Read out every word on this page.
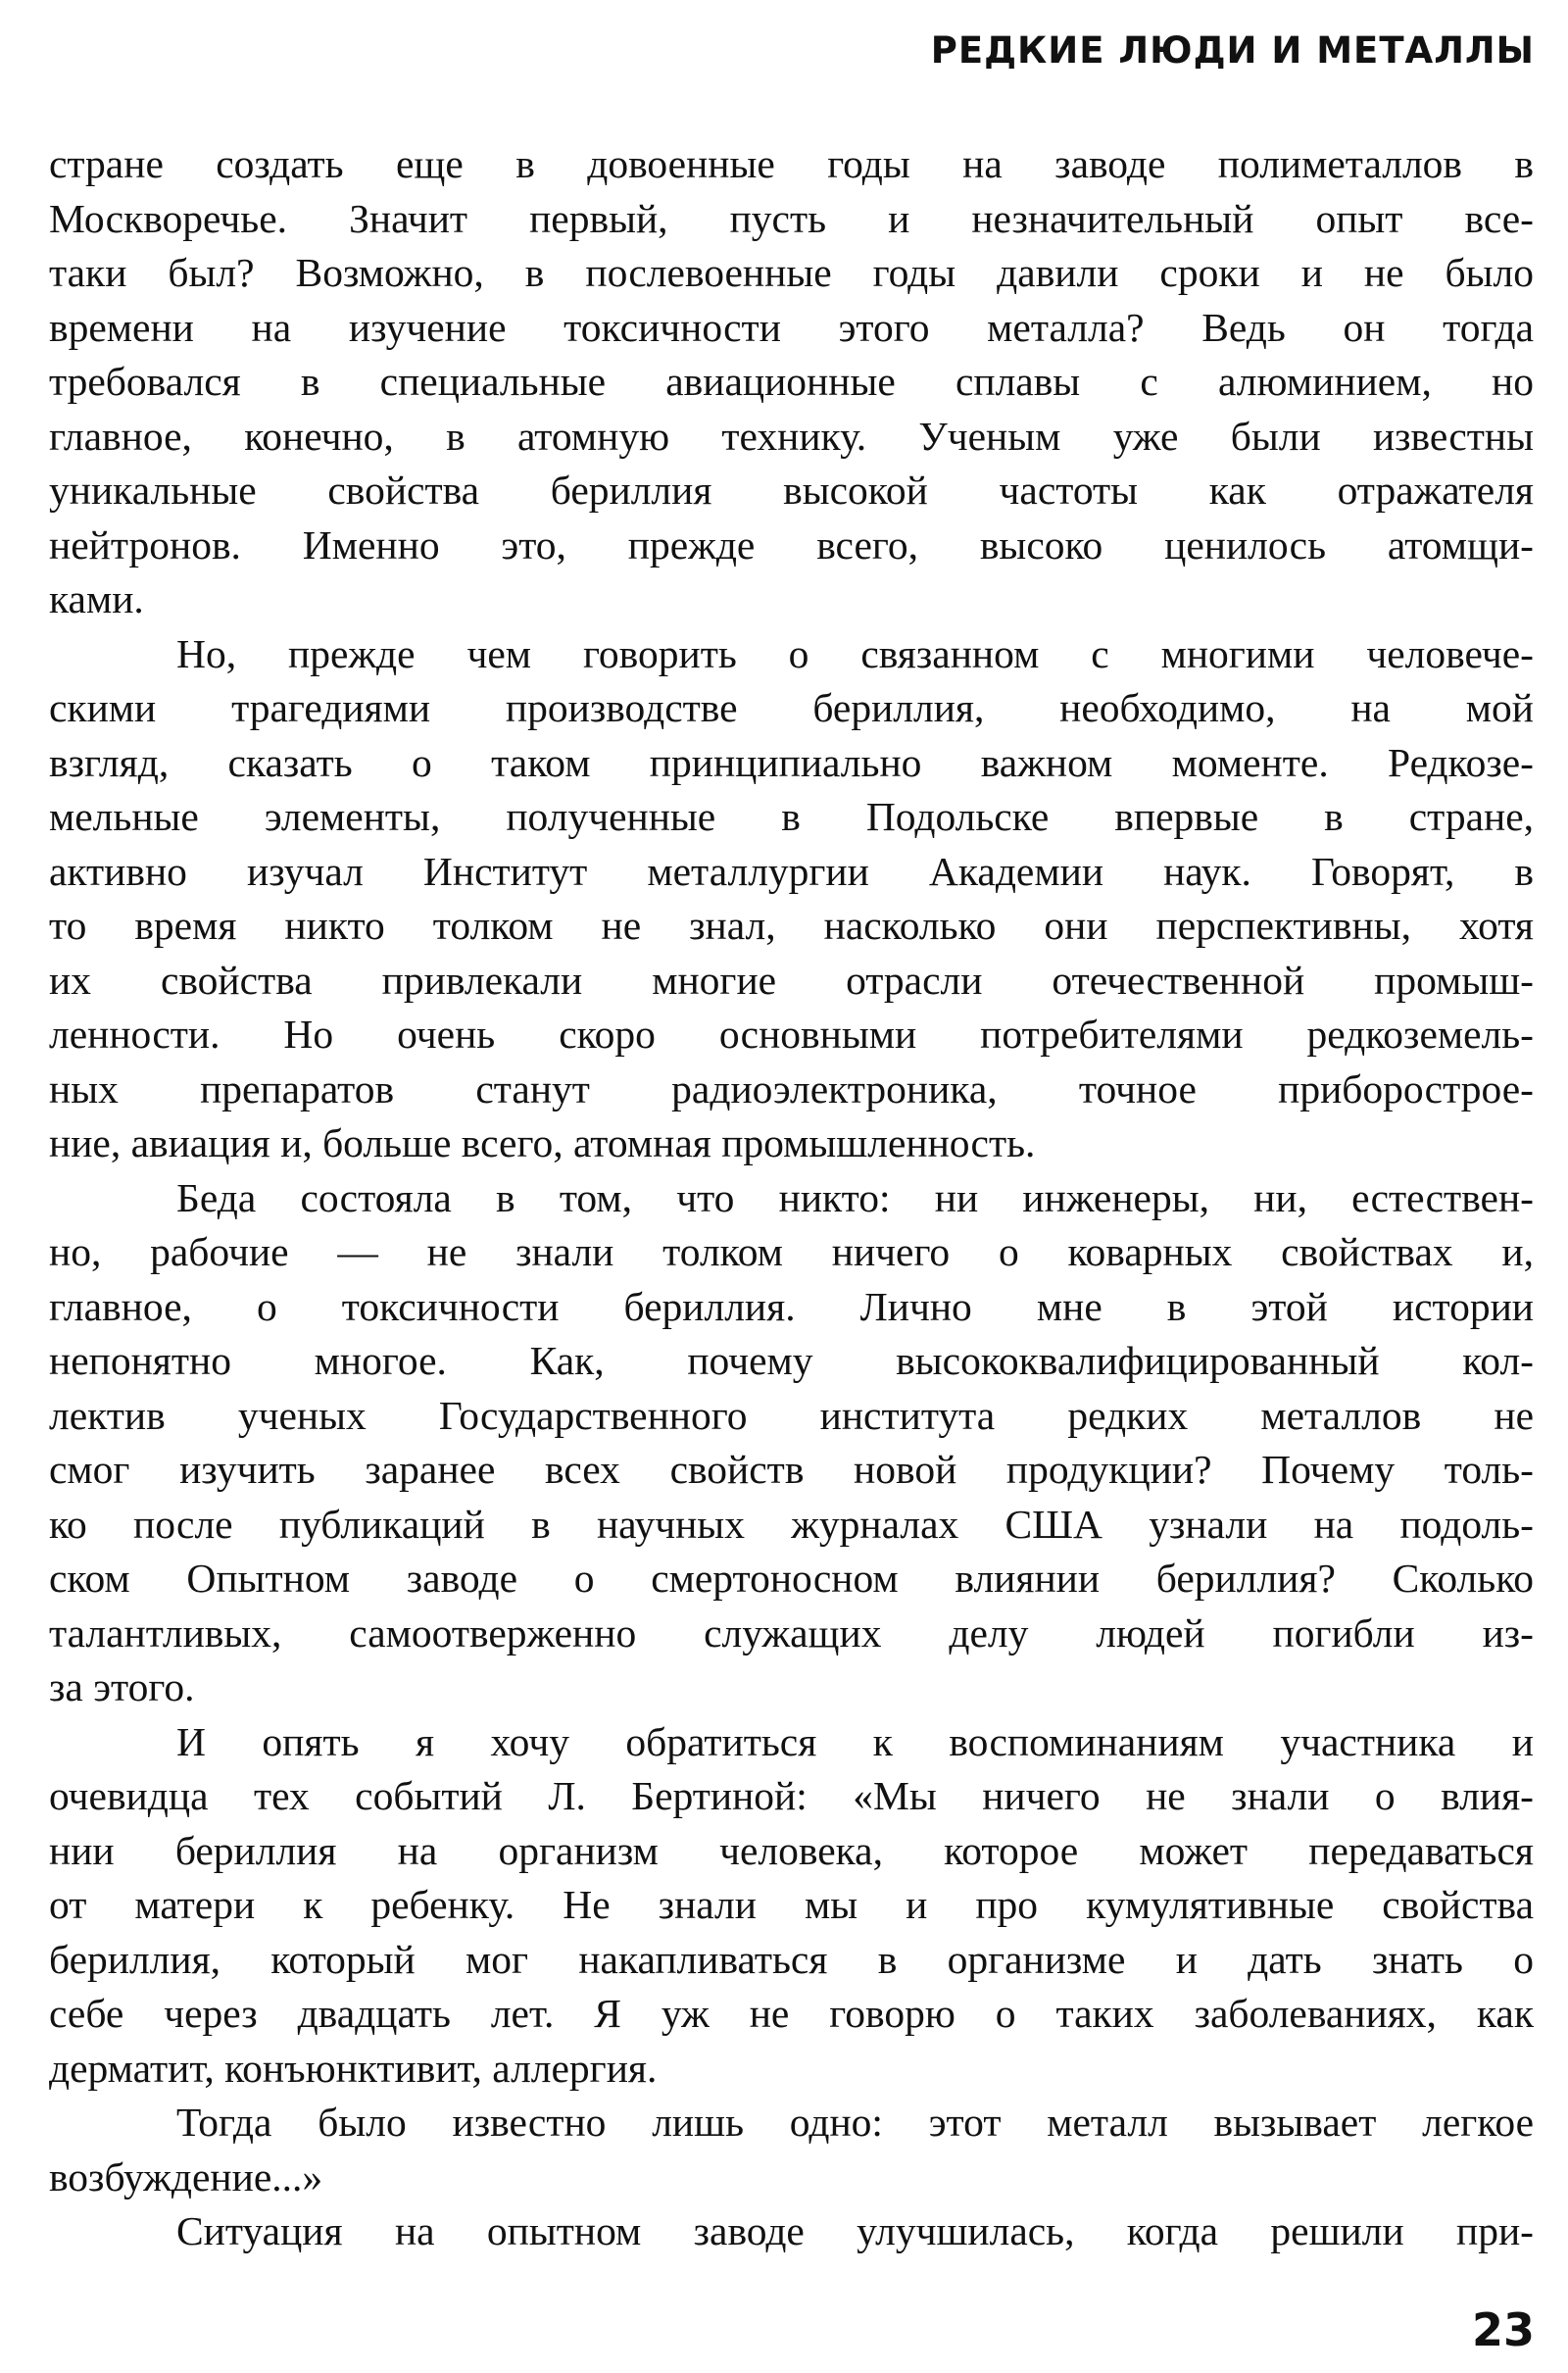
РЕДКИЕ ЛЮДИ И МЕТАЛЛЫ

стране создать еще в довоенные годы на заводе полиметаллов в
Москворечье. Значит первый, пусть и незначительный опыт все-
таки был? Возможно, в послевоенные годы давили сроки и не было
времени на изучение токсичности этого металла? Ведь он тогда
требовался в специальные авиационные сплавы с алюминием, но
главное, конечно, в атомную технику. Ученым уже были известны
уникальные свойства бериллия высокой частоты как отражателя
нейтронов. Именно это, прежде всего, высоко ценилось атомщи-
ками.

Но, прежде чем говорить о связанном с многими человече-
скими трагедиями производстве бериллия, необходимо, на мой
взгляд, сказать о таком принципиально важном моменте. Редкозе-
мельные элементы, полученные в Подольске впервые в стране,
активно изучал Институт металлургии Академии наук. Говорят, в
то время никто толком не знал, насколько они перспективны, хотя
их свойства привлекали многие отрасли отечественной промыш-
ленности. Но очень скоро основными потребителями редкоземель-
ных препаратов станут радиоэлектроника, точное приборострое-
ние, авиация и, больше всего, атомная промышленность.

Беда состояла в том, что никто: ни инженеры, ни, естествен-
но, рабочие — не знали толком ничего о коварных свойствах и,
главное, о токсичности бериллия. Лично мне в этой истории
непонятно многое. Как, почему высококвалифицированный кол-
лектив ученых Государственного института редких металлов не
смог изучить заранее всех свойств новой продукции? Почему толь-
ко после публикаций в научных журналах США узнали на подоль-
ском Опытном заводе о смертоносном влиянии бериллия? Сколько
талантливых, самоотверженно служащих делу людей погибли из-
за этого.

И опять я хочу обратиться к воспоминаниям участника и
очевидца тех событий Л. Бертиной: «Мы ничего не знали о влия-
нии бериллия на организм человека, которое может передаваться
от матери к ребенку. Не знали мы и про кумулятивные свойства
бериллия, который мог накапливаться в организме и дать знать о
себе через двадцать лет. Я уж не говорю о таких заболеваниях, как
дерматит, конъюнктивит, аллергия.

Тогда было известно лишь одно: этот металл вызывает легкое
возбуждение...»

Ситуация на опытном заводе улучшилась, когда решили при-

23
